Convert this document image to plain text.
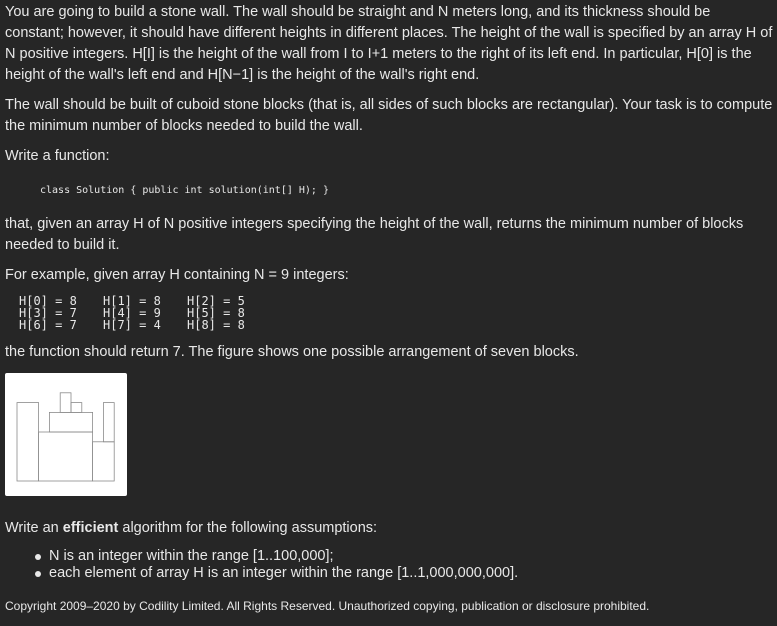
You are going to build a stone wall. The wall should be straight and N meters long, and its thickness should be constant; however, it should have different heights in different places. The height of the wall is specified by an array H of N positive integers. H[I] is the height of the wall from I to I+1 meters to the right of its left end. In particular, H[0] is the height of the wall's left end and H[N−1] is the height of the wall's right end.

The wall should be built of cuboid stone blocks (that is, all sides of such blocks are rectangular). Your task is to compute the minimum number of blocks needed to build the wall.

Write a function:

class Solution { public int solution(int[] H); }

that, given an array H of N positive integers specifying the height of the wall, returns the minimum number of blocks needed to build it.

For example, given array H containing N = 9 integers:

H[0] = 8	H[1] = 8	H[2] = 5
H[3] = 7	H[4] = 9	H[5] = 8
H[6] = 7	H[7] = 4	H[8] = 8

the function should return 7. The figure shows one possible arrangement of seven blocks.

Write an efficient algorithm for the following assumptions:

N is an integer within the range [1..100,000];
each element of array H is an integer within the range [1..1,000,000,000].
Copyright 2009–2020 by Codility Limited. All Rights Reserved. Unauthorized copying, publication or disclosure prohibited.
